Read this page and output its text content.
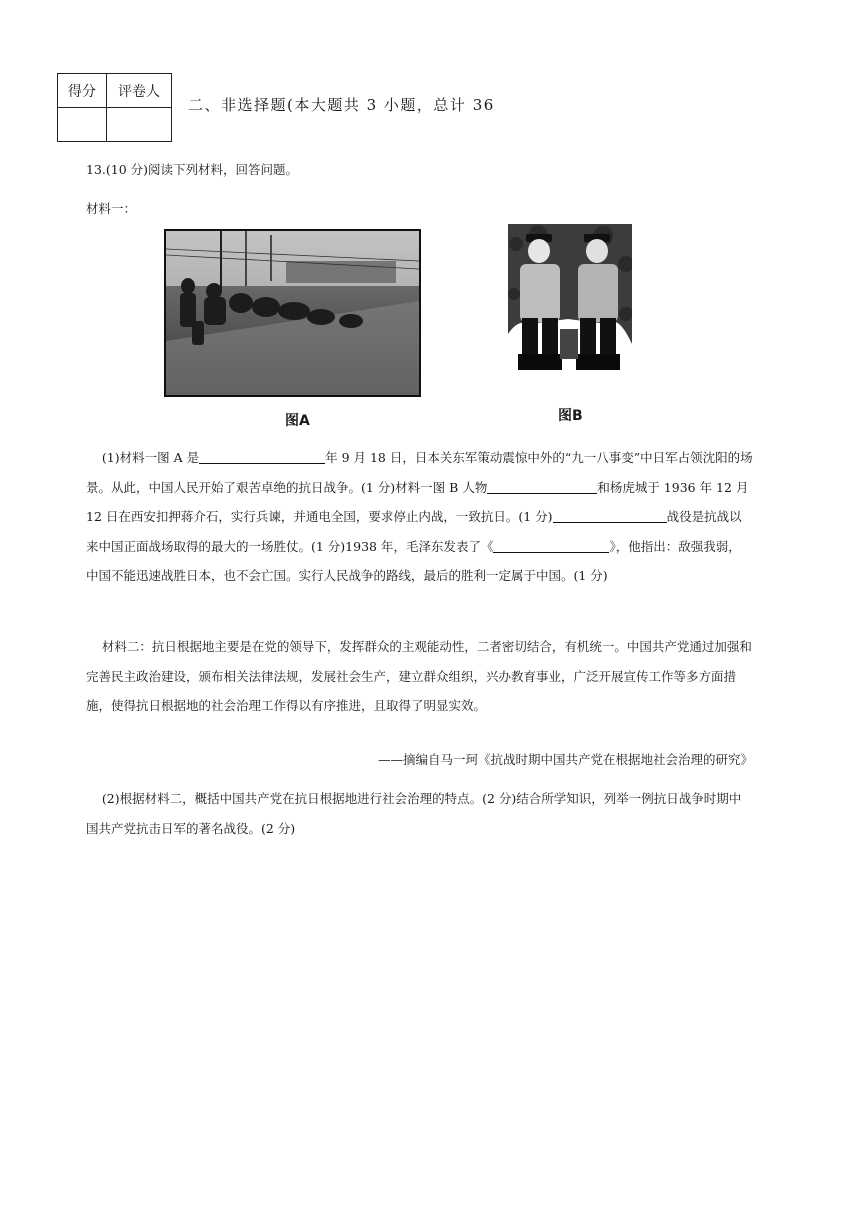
得分	评卷人

二、非选择题(本大题共 3 小题，总计 36
13.(10 分)阅读下列材料，回答问题。
材料一：
图A	图B

(1)材料一图 A 是	年 9 月 18 日，日本关东军策动震惊中外的“九一八事变”中日军占领沈阳的场景。从此，中国人民开始了艰苦卓绝的抗日战争。(1 分)材料一图 B 人物	和杨虎城于 1936 年 12 月 12 日在西安扣押蒋介石，实行兵谏，并通电全国，要求停止内战，一致抗日。(1 分)	战役是抗战以来中国正面战场取得的最大的一场胜仗。(1 分)1938 年，毛泽东发表了《	》，他指出：敌强我弱，中国不能迅速战胜日本，也不会亡国。实行人民战争的路线，最后的胜利一定属于中国。(1 分)

材料二：抗日根据地主要是在党的领导下，发挥群众的主观能动性，二者密切结合，有机统一。中国共产党通过加强和完善民主政治建设，颁布相关法律法规，发展社会生产，建立群众组织，兴办教育事业，广泛开展宣传工作等多方面措施，使得抗日根据地的社会治理工作得以有序推进，且取得了明显实效。

——摘编自马一珂《抗战时期中国共产党在根据地社会治理的研究》

(2)根据材料二，概括中国共产党在抗日根据地进行社会治理的特点。(2 分)结合所学知识，列举一例抗日战争时期中国共产党抗击日军的著名战役。(2 分)
